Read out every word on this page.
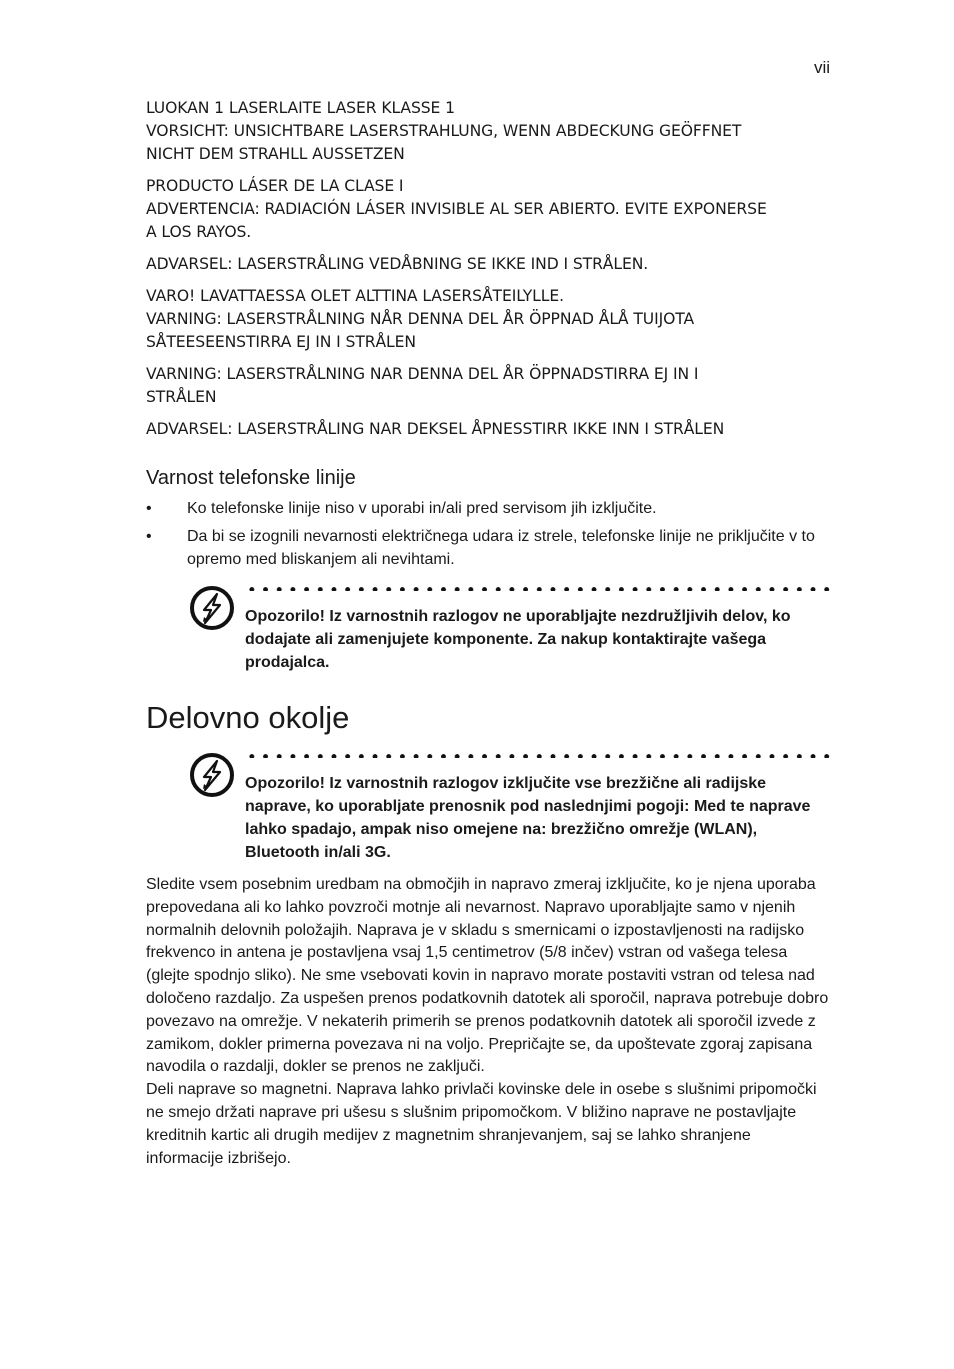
vii

LUOKAN 1 LASERLAITE LASER KLASSE 1
VORSICHT: UNSICHTBARE LASERSTRAHLUNG, WENN ABDECKUNG GEÖFFNET
NICHT DEM STRAHLL AUSSETZEN

PRODUCTO LÁSER DE LA CLASE I
ADVERTENCIA: RADIACIÓN LÁSER INVISIBLE AL SER ABIERTO. EVITE EXPONERSE
A LOS RAYOS.

ADVARSEL: LASERSTRÅLING VEDÅBNING SE IKKE IND I STRÅLEN.

VARO! LAVATTAESSA OLET ALTTINA LASERSÅTEILYLLE.
VARNING: LASERSTRÅLNING NÅR DENNA DEL ÅR ÖPPNAD ÅLÅ TUIJOTA
SÅTEESEENSTIRRA EJ IN I STRÅLEN

VARNING: LASERSTRÅLNING NAR DENNA DEL ÅR ÖPPNADSTIRRA EJ IN I
STRÅLEN

ADVARSEL: LASERSTRÅLING NAR DEKSEL ÅPNESSTIRR IKKE INN I STRÅLEN

Varnost telefonske linije
• Ko telefonske linije niso v uporabi in/ali pred servisom jih izključite.
• Da bi se izognili nevarnosti električnega udara iz strele, telefonske linije ne priključite v to opremo med bliskanjem ali nevihtami.
Opozorilo! Iz varnostnih razlogov ne uporabljajte nezdružljivih delov, ko dodajate ali zamenjujete komponente. Za nakup kontaktirajte vašega prodajalca.
Delovno okolje
Opozorilo! Iz varnostnih razlogov izključite vse brezžične ali radijske naprave, ko uporabljate prenosnik pod naslednjimi pogoji: Med te naprave lahko spadajo, ampak niso omejene na: brezžično omrežje (WLAN), Bluetooth in/ali 3G.

Sledite vsem posebnim uredbam na območjih in napravo zmeraj izključite, ko je njena uporaba prepovedana ali ko lahko povzroči motnje ali nevarnost. Napravo uporabljajte samo v njenih normalnih delovnih položajih. Naprava je v skladu s smernicami o izpostavljenosti na radijsko frekvenco in antena je postavljena vsaj 1,5 centimetrov (5/8 inčev) vstran od vašega telesa (glejte spodnjo sliko). Ne sme vsebovati kovin in napravo morate postaviti vstran od telesa nad določeno razdaljo. Za uspešen prenos podatkovnih datotek ali sporočil, naprava potrebuje dobro povezavo na omrežje. V nekaterih primerih se prenos podatkovnih datotek ali sporočil izvede z zamikom, dokler primerna povezava ni na voljo. Prepričajte se, da upoštevate zgoraj zapisana navodila o razdalji, dokler se prenos ne zaključi.
Deli naprave so magnetni. Naprava lahko privlači kovinske dele in osebe s slušnimi pripomočki ne smejo držati naprave pri ušesu s slušnim pripomočkom. V bližino naprave ne postavljajte kreditnih kartic ali drugih medijev z magnetnim shranjevanjem, saj se lahko shranjene informacije izbrišejo.
